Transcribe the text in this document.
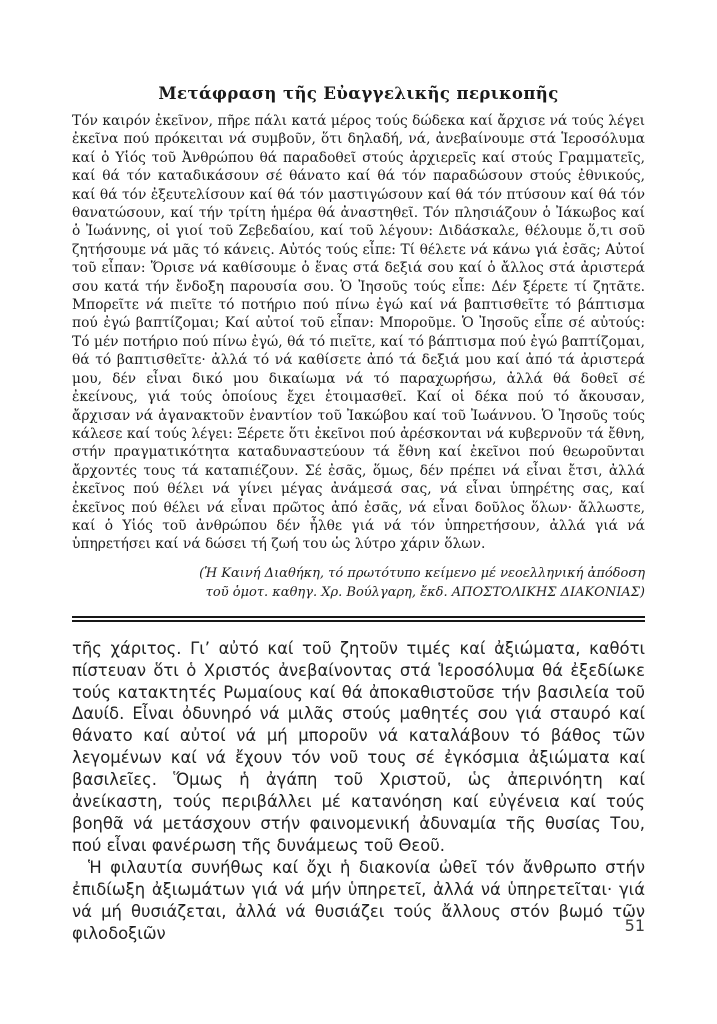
Μετάφραση τῆς Εὐαγγελικῆς περικοπῆς

Τόν καιρόν ἐκεῖνον, πῆρε πάλι κατά μέρος τούς δώδεκα καί ἄρχισε νά τούς λέγει ἐκεῖνα πού πρόκειται νά συμβοῦν, ὅτι δηλαδή, νά, ἀνεβαίνουμε στά Ἱεροσόλυμα καί ὁ Υἱός τοῦ Ἀνθρώπου θά παραδοθεῖ στούς ἀρχιερεῖς καί στούς Γραμματεῖς, καί θά τόν καταδικάσουν σέ θάνατο καί θά τόν παραδώσουν στούς ἐθνικούς, καί θά τόν ἐξευτελίσουν καί θά τόν μαστιγώσουν καί θά τόν πτύσουν καί θά τόν θανατώσουν, καί τήν τρίτη ἡμέρα θά ἀναστηθεῖ. Τόν πλησιάζουν ὁ Ἰάκωβος καί ὁ Ἰωάννης, οἱ γιοί τοῦ Ζεβεδαίου, καί τοῦ λέγουν: Διδάσκαλε, θέλουμε ὅ,τι σοῦ ζητήσουμε νά μᾶς τό κάνεις. Αὐτός τούς εἶπε: Τί θέλετε νά κάνω γιά ἐσᾶς; Αὐτοί τοῦ εἶπαν: Ὅρισε νά καθίσουμε ὁ ἕνας στά δεξιά σου καί ὁ ἄλλος στά ἀριστερά σου κατά τήν ἔνδοξη παρουσία σου. Ὁ Ἰησοῦς τούς εἶπε: Δέν ξέρετε τί ζητᾶτε. Μπορεῖτε νά πιεῖτε τό ποτήριο πού πίνω ἐγώ καί νά βαπτισθεῖτε τό βάπτισμα πού ἐγώ βαπτίζομαι; Καί αὐτοί τοῦ εἶπαν: Μποροῦμε. Ὁ Ἰησοῦς εἶπε σέ αὐτούς: Τό μέν ποτήριο πού πίνω ἐγώ, θά τό πιεῖτε, καί τό βάπτισμα πού ἐγώ βαπτίζομαι, θά τό βαπτισθεῖτε· ἀλλά τό νά καθίσετε ἀπό τά δεξιά μου καί ἀπό τά ἀριστερά μου, δέν εἶναι δικό μου δικαίωμα νά τό παραχωρήσω, ἀλλά θά δοθεῖ σέ ἐκείνους, γιά τούς ὁποίους ἔχει ἑτοιμασθεῖ. Καί οἱ δέκα πού τό ἄκουσαν, ἄρχισαν νά ἀγανακτοῦν ἐναντίον τοῦ Ἰακώβου καί τοῦ Ἰωάννου. Ὁ Ἰησοῦς τούς κάλεσε καί τούς λέγει: Ξέρετε ὅτι ἐκεῖνοι πού ἀρέσκονται νά κυβερνοῦν τά ἔθνη, στήν πραγματικότητα καταδυναστεύουν τά ἔθνη καί ἐκεῖνοι πού θεωροῦνται ἄρχοντές τους τά καταπιέζουν. Σέ ἐσᾶς, ὅμως, δέν πρέπει νά εἶναι ἔτσι, ἀλλά ἐκεῖνος πού θέλει νά γίνει μέγας ἀνάμεσά σας, νά εἶναι ὑπηρέτης σας, καί ἐκεῖνος πού θέλει νά εἶναι πρῶτος ἀπό ἐσᾶς, νά εἶναι δοῦλος ὅλων· ἄλλωστε, καί ὁ Υἱός τοῦ ἀνθρώπου δέν ἦλθε γιά νά τόν ὑπηρετήσουν, ἀλλά γιά νά ὑπηρετήσει καί νά δώσει τή ζωή του ὡς λύτρο χάριν ὅλων.

(Ἡ Καινή Διαθήκη, τό πρωτότυπο κείμενο μέ νεοελληνική ἀπόδοση
τοῦ ὁμοτ. καθηγ. Χρ. Βούλγαρη, ἔκδ. ΑΠΟΣΤΟΛΙΚΗΣ ΔΙΑΚΟΝΙΑΣ)

τῆς χάριτος. Γι’ αὐτό καί τοῦ ζητοῦν τιμές καί ἀξιώματα, καθότι πίστευαν ὅτι ὁ Χριστός ἀνεβαίνοντας στά Ἱεροσόλυμα θά ἐξεδίωκε τούς κατακτητές Ρωμαίους καί θά ἀποκαθιστοῦσε τήν βασιλεία τοῦ Δαυίδ. Εἶναι ὀδυνηρό νά μιλᾶς στούς μαθητές σου γιά σταυρό καί θάνατο καί αὐτοί νά μή μποροῦν νά καταλάβουν τό βάθος τῶν λεγομένων καί νά ἔχουν τόν νοῦ τους σέ ἐγκόσμια ἀξιώματα καί βασιλεῖες. Ὅμως ἡ ἀγάπη τοῦ Χριστοῦ, ὡς ἀπερινόητη καί ἀνείκαστη, τούς περιβάλλει μέ κατανόηση καί εὐγένεια καί τούς βοηθᾶ νά μετάσχουν στήν φαινομενική ἀδυναμία τῆς θυσίας Του, πού εἶναι φανέρωση τῆς δυνάμεως τοῦ Θεοῦ.

Ἡ φιλαυτία συνήθως καί ὄχι ἡ διακονία ὠθεῖ τόν ἄνθρωπο στήν ἐπιδίωξη ἀξιωμάτων γιά νά μήν ὑπηρετεῖ, ἀλλά νά ὑπηρετεῖται· γιά νά μή θυσιάζεται, ἀλλά νά θυσιάζει τούς ἄλλους στόν βωμό τῶν φιλοδοξιῶν	51
